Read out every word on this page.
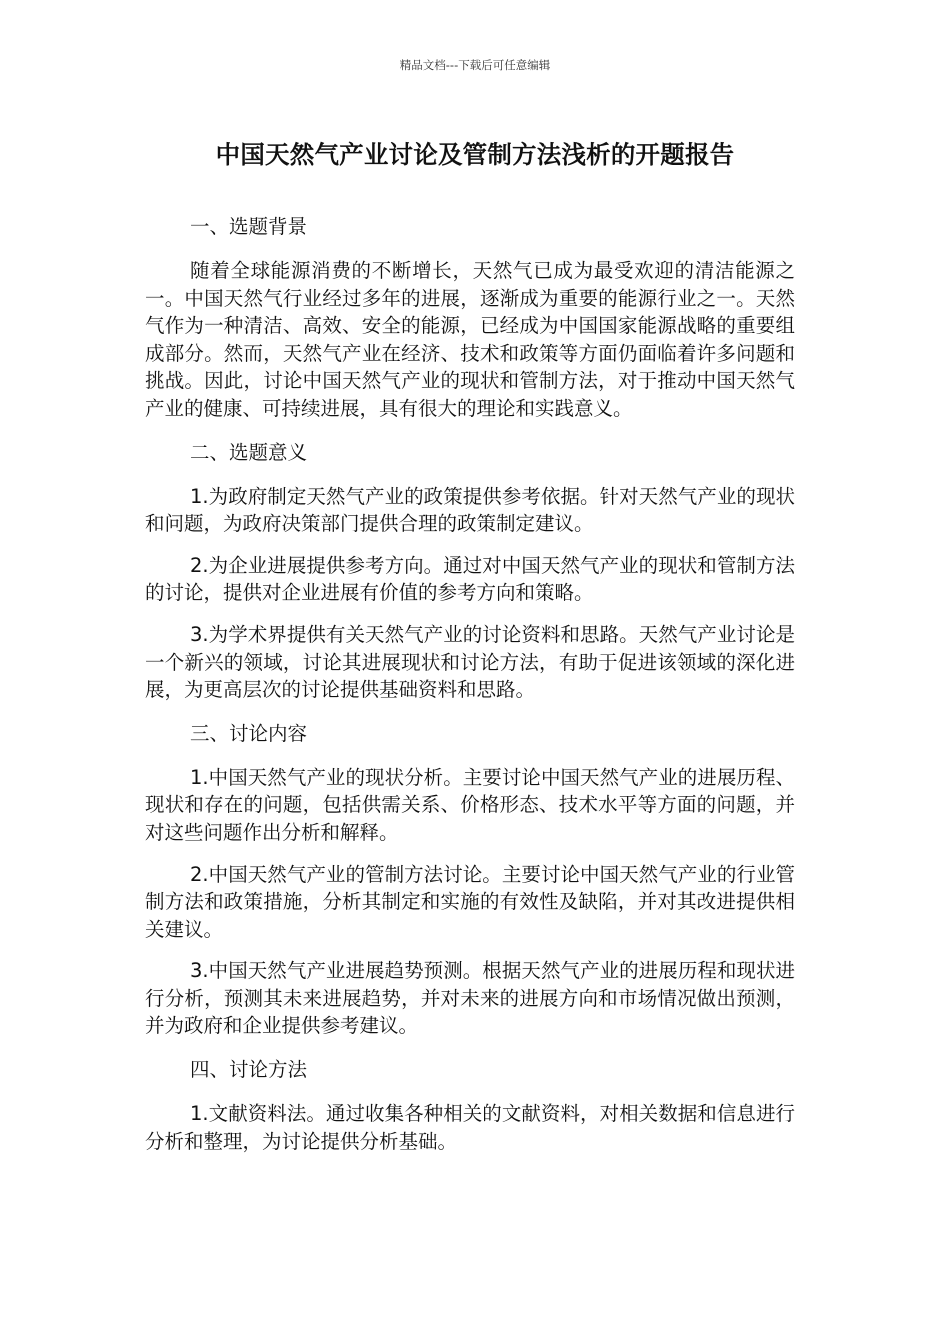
精品文档---下载后可任意编辑
中国天然气产业讨论及管制方法浅析的开题报告
一、选题背景

随着全球能源消费的不断增长，天然气已成为最受欢迎的清洁能源之一。中国天然气行业经过多年的进展，逐渐成为重要的能源行业之一。天然气作为一种清洁、高效、安全的能源，已经成为中国国家能源战略的重要组成部分。然而，天然气产业在经济、技术和政策等方面仍面临着许多问题和挑战。因此，讨论中国天然气产业的现状和管制方法，对于推动中国天然气产业的健康、可持续进展，具有很大的理论和实践意义。

二、选题意义

1.为政府制定天然气产业的政策提供参考依据。针对天然气产业的现状和问题，为政府决策部门提供合理的政策制定建议。

2.为企业进展提供参考方向。通过对中国天然气产业的现状和管制方法的讨论，提供对企业进展有价值的参考方向和策略。

3.为学术界提供有关天然气产业的讨论资料和思路。天然气产业讨论是一个新兴的领域，讨论其进展现状和讨论方法，有助于促进该领域的深化进展，为更高层次的讨论提供基础资料和思路。

三、讨论内容

1.中国天然气产业的现状分析。主要讨论中国天然气产业的进展历程、现状和存在的问题，包括供需关系、价格形态、技术水平等方面的问题，并对这些问题作出分析和解释。

2.中国天然气产业的管制方法讨论。主要讨论中国天然气产业的行业管制方法和政策措施，分析其制定和实施的有效性及缺陷，并对其改进提供相关建议。

3.中国天然气产业进展趋势预测。根据天然气产业的进展历程和现状进行分析，预测其未来进展趋势，并对未来的进展方向和市场情况做出预测，并为政府和企业提供参考建议。

四、讨论方法

1.文献资料法。通过收集各种相关的文献资料，对相关数据和信息进行分析和整理，为讨论提供分析基础。
